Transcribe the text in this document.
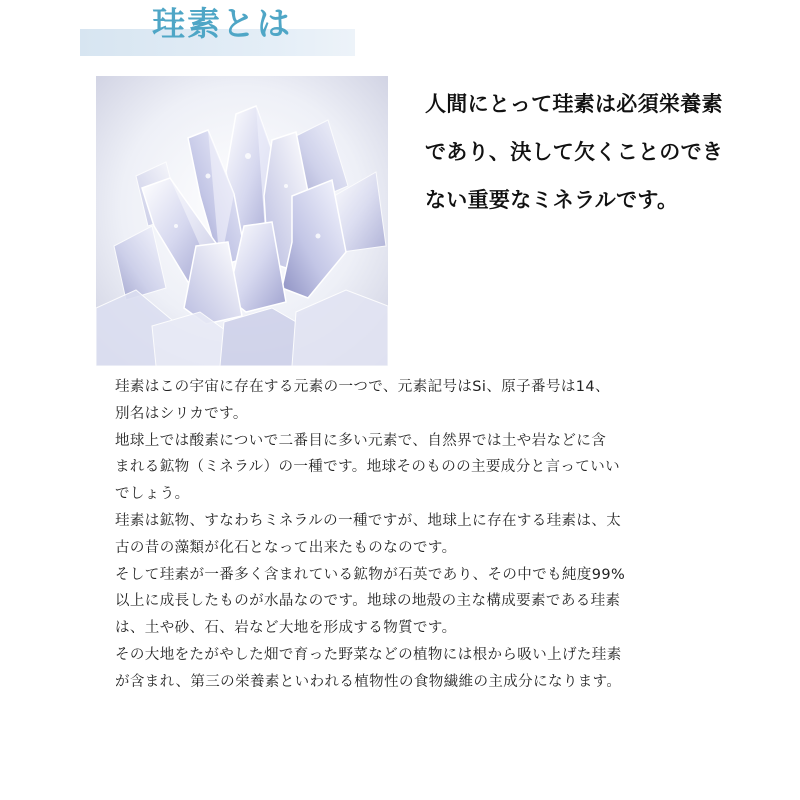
珪素とは
人間にとって珪素は必須栄養素
であり、決して欠くことのでき
ない重要なミネラルです。
珪素はこの宇宙に存在する元素の一つで、元素記号はSi、原子番号は14、
別名はシリカです。
地球上では酸素についで二番目に多い元素で、自然界では土や岩などに含
まれる鉱物（ミネラル）の一種です。地球そのものの主要成分と言っていい
でしょう。
珪素は鉱物、すなわちミネラルの一種ですが、地球上に存在する珪素は、太
古の昔の藻類が化石となって出来たものなのです。
そして珪素が一番多く含まれている鉱物が石英であり、その中でも純度99%
以上に成長したものが水晶なのです。地球の地殻の主な構成要素である珪素
は、土や砂、石、岩など大地を形成する物質です。
その大地をたがやした畑で育った野菜などの植物には根から吸い上げた珪素
が含まれ、第三の栄養素といわれる植物性の食物繊維の主成分になります。
